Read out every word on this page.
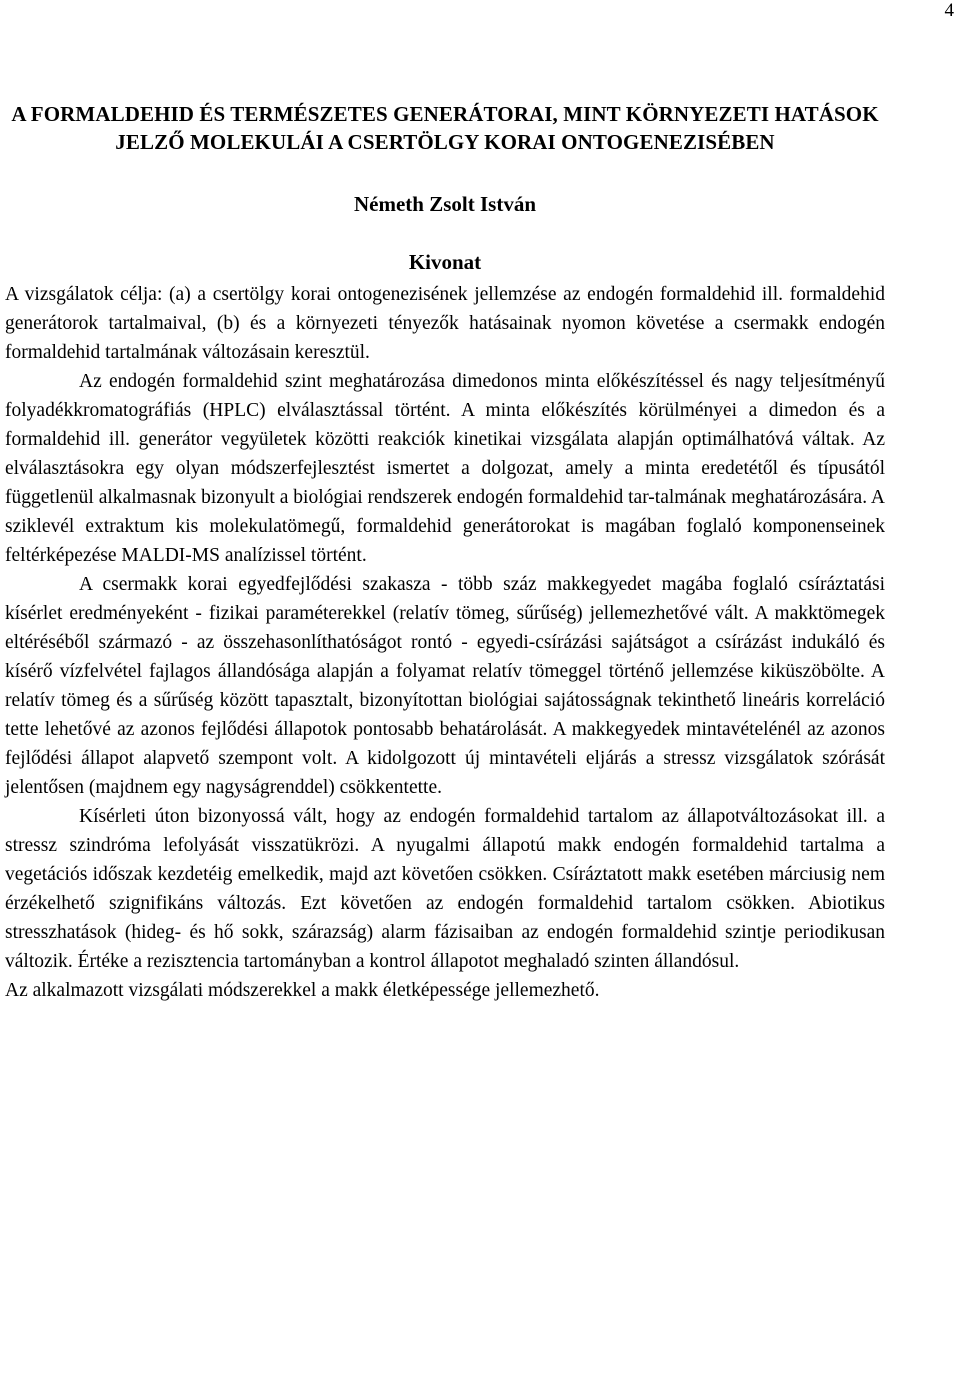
4
A FORMALDEHID ÉS TERMÉSZETES GENERÁTORAI, MINT KÖRNYEZETI HATÁSOK JELZŐ MOLEKULÁI A CSERTÖLGY KORAI ONTOGENEZISÉBEN
Németh Zsolt István
Kivonat

A vizsgálatok célja: (a) a csertölgy korai ontogenezisének jellemzése az endogén formaldehid ill. formaldehid generátorok tartalmaival, (b) és a környezeti tényezők hatásainak nyomon követése a csermakk endogén formaldehid tartalmának változásain keresztül.

Az endogén formaldehid szint meghatározása dimedonos minta előkészítéssel és nagy teljesítményű folyadékkromatográfiás (HPLC) elválasztással történt. A minta előkészítés körülményei a dimedon és a formaldehid ill. generátor vegyületek közötti reakciók kinetikai vizsgálata alapján optimálhatóvá váltak. Az elválasztásokra egy olyan módszerfejlesztést ismertet a dolgozat, amely a minta eredetétől és típusától függetlenül alkalmasnak bizonyult a biológiai rendszerek endogén formaldehid tar-talmának meghatározására. A sziklevél extraktum kis molekulatömegű, formaldehid generátorokat is magában foglaló komponenseinek feltérképezése MALDI-MS analízissel történt.

A csermakk korai egyedfejlődési szakasza - több száz makkegyedet magába foglaló csíráztatási kísérlet eredményeként - fizikai paraméterekkel (relatív tömeg, sűrűség) jellemezhetővé vált. A makktömegek eltéréséből származó - az összehasonlíthatóságot rontó - egyedi-csírázási sajátságot a csírázást indukáló és kísérő vízfelvétel fajlagos állandósága alapján a folyamat relatív tömeggel történő jellemzése kiküszöbölte. A relatív tömeg és a sűrűség között tapasztalt, bizonyítottan biológiai sajátosságnak tekinthető lineáris korreláció tette lehetővé az azonos fejlődési állapotok pontosabb behatárolását. A makkegyedek mintavételénél az azonos fejlődési állapot alapvető szempont volt. A kidolgozott új mintavételi eljárás a stressz vizsgálatok szórását jelentősen (majdnem egy nagyságrenddel) csökkentette.

Kísérleti úton bizonyossá vált, hogy az endogén formaldehid tartalom az állapotváltozásokat ill. a stressz szindróma lefolyását visszatükrözi. A nyugalmi állapotú makk endogén formaldehid tartalma a vegetációs időszak kezdetéig emelkedik, majd azt követően csökken. Csíráztatott makk esetében márciusig nem érzékelhető szignifikáns változás. Ezt követően az endogén formaldehid tartalom csökken. Abiotikus stresszhatások (hideg- és hő sokk, szárazság) alarm fázisaiban az endogén formaldehid szintje periodikusan változik. Értéke a rezisztencia tartományban a kontrol állapotot meghaladó szinten állandósul.

Az alkalmazott vizsgálati módszerekkel a makk életképessége jellemezhető.
